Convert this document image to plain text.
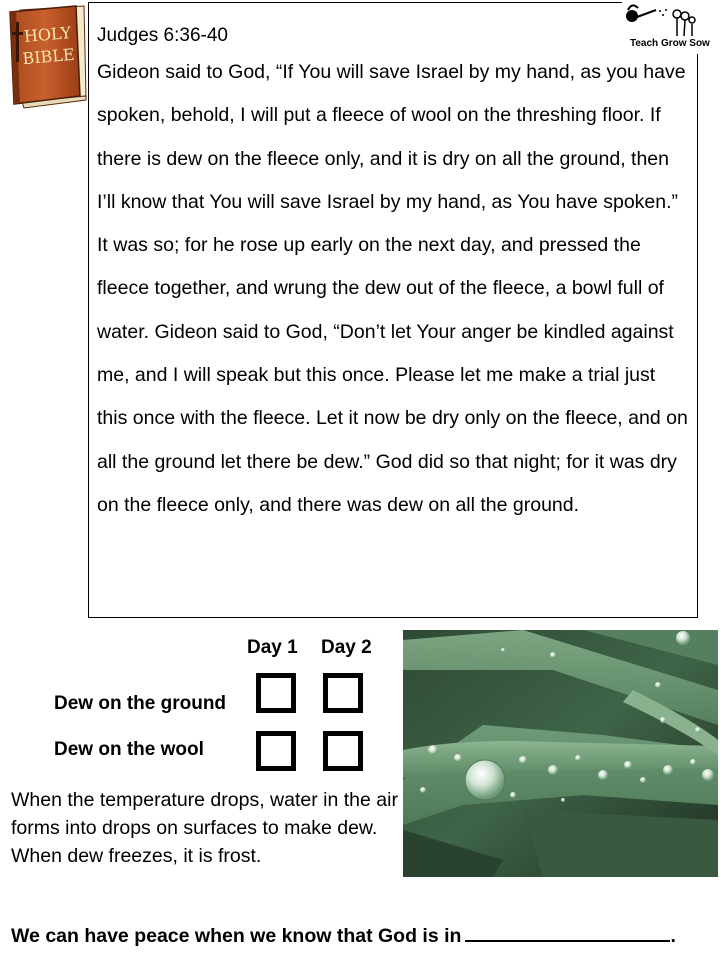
HOLY
BIBLE
Judges 6:36-40

Gideon said to God, “If You will save Israel by my hand, as you have spoken, behold, I will put a fleece of wool on the threshing floor. If there is dew on the fleece only, and it is dry on all the ground, then I’ll know that You will save Israel by my hand, as You have spoken.” It was so; for he rose up early on the next day, and pressed the fleece together, and wrung the dew out of the fleece, a bowl full of water. Gideon said to God, “Don’t let Your anger be kindled against me, and I will speak but this once. Please let me make a trial just this once with the fleece. Let it now be dry only on the fleece, and on all the ground let there be dew.” God did so that night; for it was dry on the fleece only, and there was dew on all the ground.

Teach Grow Sow
Day 1 Day 2
Dew on the ground
Dew on the wool

When the temperature drops, water in the air forms into drops on surfaces to make dew. When dew freezes, it is frost.

We can have peace when we know that God is in	.
